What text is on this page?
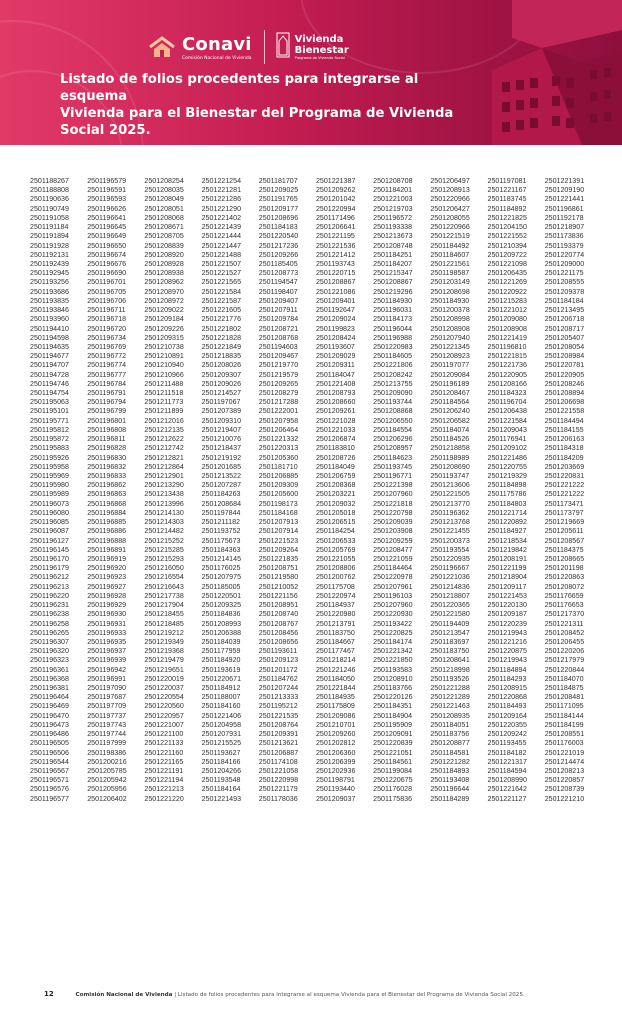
Conavi
Comisión Nacional de Vivienda
Vivienda
Bienestar
Programa de Vivienda Social
Listado de folios procedentes para integrarse al esquema
Vivienda para el Bienestar del Programa de Vivienda Social 2025.
2501188267
2501188808
2501190636
2501190749
2501191058
2501191184
2501191894
2501191928
2501192131
2501192439
2501192945
2501193256
2501193686
2501193835
2501193846
2501193960
2501194410
2501194598
2501194635
2501194677
2501194707
2501194728
2501194746
2501194754
2501195063
2501195101
2501195771
2501195812
2501195872
2501195883
2501195926
2501195958
2501195969
2501195980
2501195989
2501196073
2501196080
2501196085
2501196087
2501196127
2501196145
2501196170
2501196179
2501196212
2501196213
2501196220
2501196231
2501196238
2501196258
2501196265
2501196307
2501196320
2501196323
2501196361
2501196368
2501196381
2501196464
2501196469
2501196470
2501196473
2501196486
2501196505
2501196506
2501196544
2501196567
2501196571
2501196576
2501196577
2501196579
2501196591
2501196593
2501196626
2501196641
2501196645
2501196649
2501196650
2501196674
2501196676
2501196690
2501196701
2501196705
2501196706
2501196711
2501196718
2501196720
2501196734
2501196769
2501196772
2501196774
2501196777
2501196784
2501196791
2501196794
2501196799
2501196801
2501196808
2501196811
2501196828
2501196830
2501196832
2501196833
2501196862
2501196863
2501196868
2501196884
2501196885
2501196886
2501196888
2501196891
2501196919
2501196920
2501196923
2501196927
2501196928
2501196929
2501196930
2501196931
2501196933
2501196935
2501196937
2501196939
2501196942
2501196991
2501197090
2501197687
2501197709
2501197737
2501197743
2501197744
2501197999
2501198386
2501200216
2501205785
2501205942
2501205956
2501206402
2501208254
2501208035
2501208049
2501208051
2501208068
2501208671
2501208705
2501208839
2501208920
2501208928
2501208938
2501208962
2501208970
2501208972
2501209022
2501209184
2501209226
2501209315
2501210738
2501210891
2501210940
2501210966
2501211488
2501211518
2501211773
2501211899
2501212016
2501212135
2501212622
2501212742
2501212821
2501212864
2501212901
2501213290
2501213438
2501213996
2501214130
2501214303
2501214482
2501215252
2501215285
2501215293
2501216050
2501216554
2501216643
2501217738
2501217904
2501218455
2501218485
2501219212
2501219349
2501219368
2501219479
2501219651
2501220019
2501220037
2501220554
2501220560
2501220957
2501221007
2501221100
2501221133
2501221160
2501221165
2501221191
2501221194
2501221213
2501221220
2501221254
2501221281
2501221286
2501221290
2501221402
2501221439
2501221444
2501221447
2501221488
2501221507
2501221527
2501221565
2501221584
2501221587
2501221605
2501221776
2501221802
2501221828
2501221849
2501218835
2501208026
2501209307
2501209026
2501214527
2501197067
2501207389
2501209310
2501219407
2501210076
2501218437
2501219192
2501201685
2501213522
2501207287
2501184263
2501208684
2501197844
2501211182
2501193752
2501175673
2501184363
2501214145
2501176025
2501207975
2501185005
2501220501
2501209325
2501184836
2501208993
2501206388
2501184039
2501177959
2501184920
2501193619
2501220671
2501184912
2501188007
2501184160
2501221406
2501204958
2501207931
2501215525
2501193627
2501184166
2501204266
2501193548
2501184164
2501221493
2501181707
2501209025
2501191765
2501209177
2501208696
2501184183
2501220540
2501217236
2501209266
2501185405
2501208773
2501194547
2501198407
2501209407
2501207911
2501209784
2501208721
2501208768
2501194603
2501209467
2501219770
2501219579
2501209265
2501208279
2501217288
2501222001
2501207958
2501206464
2501221332
2501220313
2501205360
2501181710
2501206885
2501209309
2501205600
2501198173
2501184168
2501207913
2501207914
2501221523
2501209264
2501221835
2501208751
2501219580
2501210052
2501221156
2501208951
2501208740
2501208767
2501208456
2501208656
2501193611
2501209123
2501201172
2501184762
2501207244
2501213333
2501195212
2501221535
2501208764
2501209391
2501213621
2501206887
2501174108
2501221058
2501220998
2501221179
2501178036
2501221387
2501209262
2501201042
2501220994
2501171496
2501206641
2501221195
2501221536
2501221412
2501193743
2501220715
2501208867
2501221086
2501209401
2501192647
2501209024
2501199823
2501208424
2501193607
2501209029
2501209311
2501184047
2501221408
2501208793
2501208660
2501209261
2501221028
2501221033
2501206874
2501183810
2501208726
2501184049
2501206759
2501208368
2501203221
2501209032
2501205018
2501206515
2501184254
2501206533
2501205769
2501221055
2501208806
2501200762
2501175708
2501220974
2501184937
2501220980
2501213791
2501183750
2501184667
2501177467
2501218214
2501221246
2501184050
2501221844
2501184935
2501175809
2501209086
2501210701
2501209260
2501202812
2501206360
2501206399
2501202936
2501198791
2501193440
2501209037
2501208708
2501184201
2501221003
2501219703
2501196572
2501193338
2501213673
2501208748
2501184251
2501184207
2501215347
2501208867
2501219296
2501184930
2501196031
2501184173
2501196044
2501196988
2501220983
2501184605
2501221806
2501208242
2501213755
2501209090
2501193744
2501208868
2501206550
2501184554
2501206296
2501208957
2501184623
2501193745
2501196771
2501221398
2501207960
2501221818
2501220798
2501209039
2501203908
2501209259
2501208477
2501221059
2501184464
2501220978
2501207961
2501196103
2501207960
2501220930
2501193422
2501220825
2501184174
2501221342
2501221850
2501193583
2501208910
2501183766
2501220126
2501184351
2501184904
2501195909
2501209091
2501220839
2501221051
2501184561
2501199084
2501220675
2501176028
2501175836
2501206497
2501208913
2501220966
2501206427
2501208055
2501220966
2501221519
2501184492
2501184607
2501221561
2501198587
2501203149
2501208698
2501184930
2501200378
2501208998
2501208908
2501207940
2501221345
2501208923
2501197077
2501209084
2501196189
2501208467
2501184564
2501206240
2501206582
2501184074
2501184526
2501218858
2501198989
2501208690
2501193747
2501213606
2501221505
2501213770
2501196362
2501213768
2501221455
2501200373
2501193554
2501220935
2501196667
2501221036
2501214836
2501218807
2501220365
2501221580
2501194409
2501213547
2501183697
2501183750
2501208641
2501218998
2501193526
2501221288
2501221289
2501221463
2501208935
2501184051
2501183756
2501208877
2501184581
2501221282
2501184893
2501193408
2501196644
2501184289
2501197081
2501221167
2501183745
2501184892
2501221825
2501204150
2501221552
2501210394
2501209722
2501221098
2501206435
2501221269
2501220922
2501215283
2501221012
2501209080
2501208908
2501221419
2501196810
2501221815
2501221736
2501220905
2501208166
2501184323
2501196704
2501206438
2501221584
2501209043
2501176941
2501209102
2501221486
2501220755
2501219329
2501184898
2501175786
2501184803
2501221714
2501220892
2501184927
2501218534
2501219842
2501208191
2501221199
2501218904
2501209117
2501221453
2501220130
2501209187
2501220239
2501219943
2501221216
2501220875
2501219943
2501184894
2501184293
2501208915
2501220868
2501184493
2501209164
2501220355
2501209242
2501193455
2501184182
2501221317
2501184594
2501208990
2501221642
2501221127
2501221391
2501209190
2501221441
2501196861
2501192178
2501218907
2501173836
2501193379
2501220774
2501209000
2501221175
2501208555
2501209378
2501184184
2501213495
2501206718
2501208717
2501205407
2501208054
2501208984
2501220781
2501220905
2501208246
2501208894
2501206698
2501221558
2501184494
2501184155
2501206163
2501184318
2501184209
2501203669
2501220831
2501221222
2501221222
2501173471
2501173797
2501219669
2501205611
2501208567
2501184375
2501208665
2501201198
2501220863
2501208072
2501176659
2501176653
2501217370
2501221311
2501208452
2501206455
2501220206
2501217979
2501220844
2501184070
2501184875
2501208481
2501171095
2501184144
2501184199
2501208551
2501176003
2501221019
2501214474
2501208213
2501220857
2501208739
2501221210
12	Comisión Nacional de Vivienda | Listado de folios procedentes para integrarse al esquema Vivienda para el Bienestar del Programa de Vivienda Social 2025.
